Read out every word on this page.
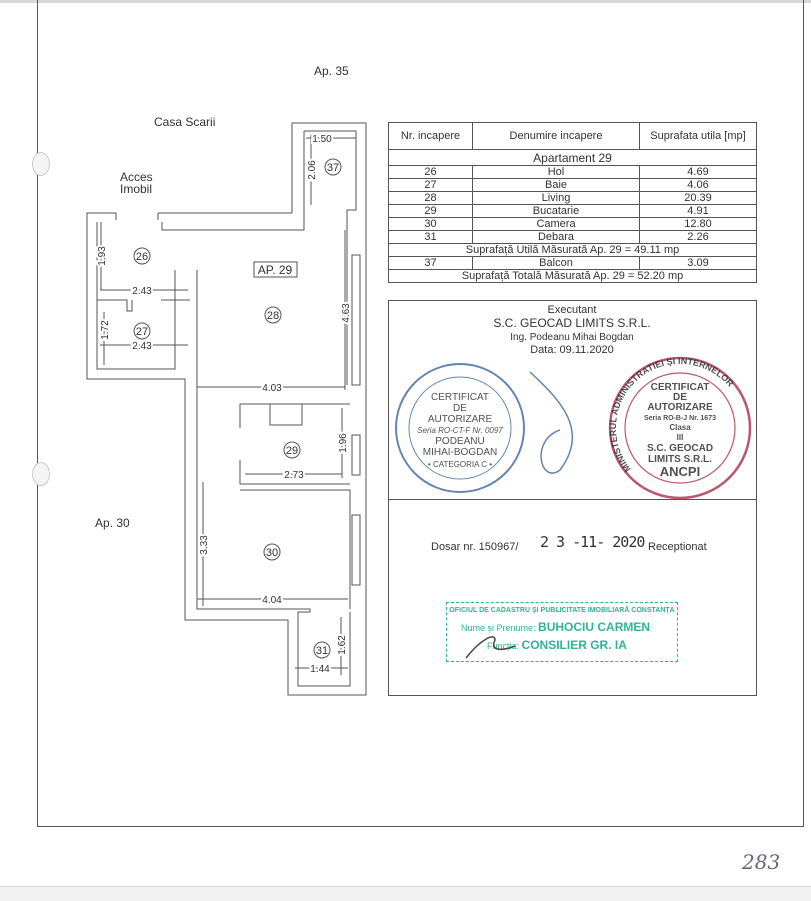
Ap. 35
Casa Scarii
Acces
Imobil
Ap. 30
1.50
2.06
1.93
2.43
1.72
2.43
4.63
4.03
1.96
2.73
3.33
4.04
1.62
1.44
37
26
27
28
29
30
31
AP. 29
Nr. incapere	Denumire incapere	Suprafata utila [mp]
Apartament 29		
26	Hol	4.69
27	Baie	4.06
28	Living	20.39
29	Bucatarie	4.91
30	Camera	12.80
31	Debara	2.26
Suprafață Utilă Măsurată Ap. 29 = 49.11 mp		
37	Balcon	3.09
Suprafață Totală Măsurată Ap. 29 = 52.20 mp		
Executant
S.C. GEOCAD LIMITS S.R.L.
Ing. Podeanu Mihai Bogdan
Data: 09.11.2020
CERTIFICAT
DE
AUTORIZARE
Seria RO-CT-F Nr. 0097
PODEANU
MIHAI-BOGDAN
• CATEGORIA C •
CERTIFICAT
DE
AUTORIZARE
Seria RO-B-J Nr. 1673
Clasa
III
S.C. GEOCAD
LIMITS S.R.L.
ANCPI
MINISTERUL ADMINISTRATIEI ȘI INTERNELOR
Dosar nr. 150967/ 2 3 -11- 2020 Receptionat
OFICIUL DE CADASTRU ȘI PUBLICITATE IMOBILIARĂ CONSTANȚA
Nume și Prenume: BUHOCIU CARMEN
Funcția: CONSILIER GR. IA
283
